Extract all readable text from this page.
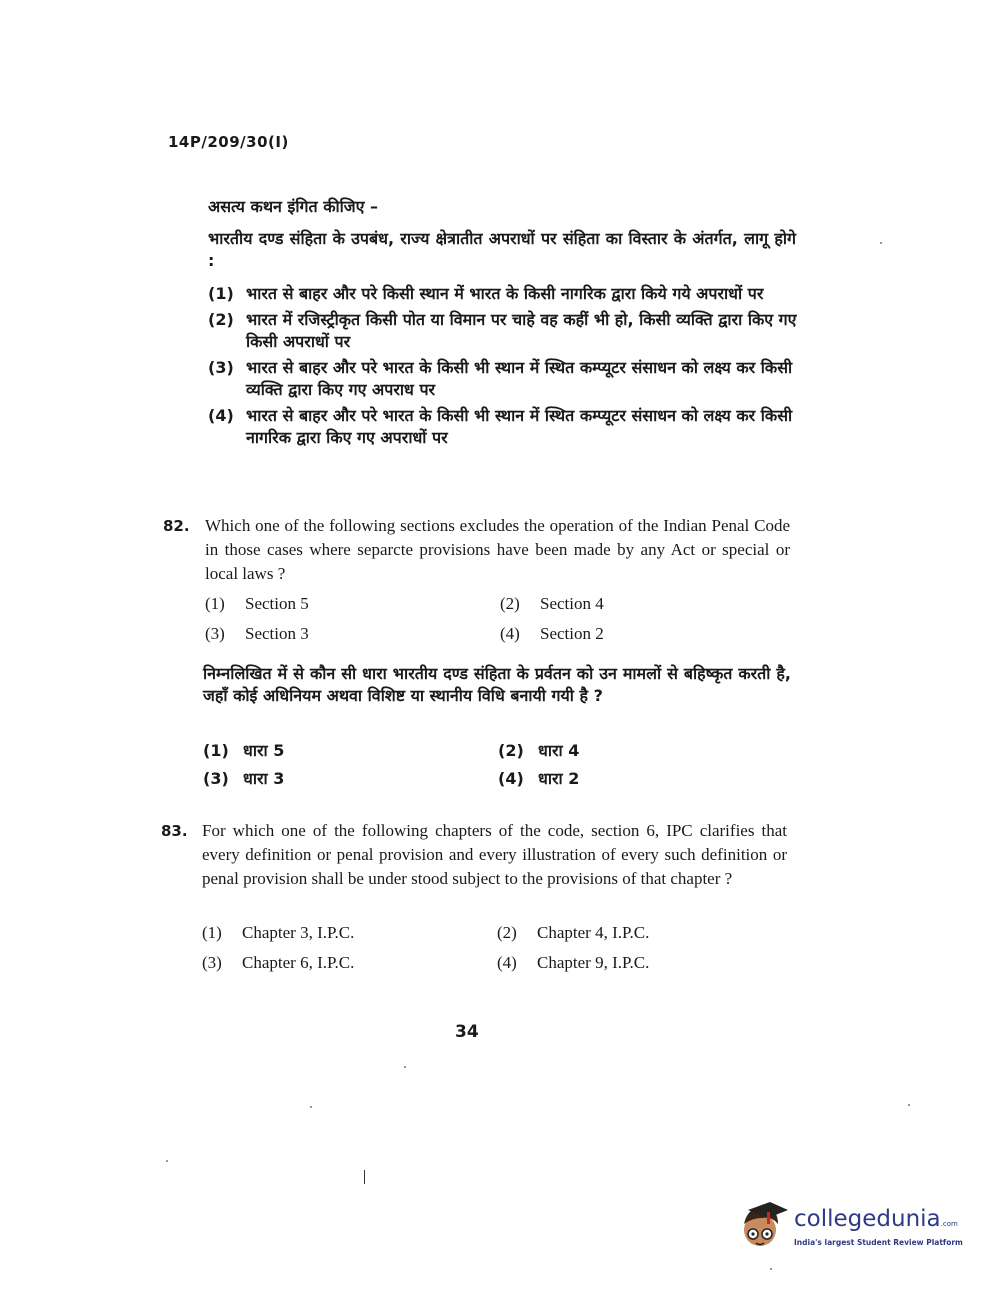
14P/209/30(I)
असत्य कथन इंगित कीजिए –
भारतीय दण्ड संहिता के उपबंध, राज्य क्षेत्रातीत अपराधों पर संहिता का विस्तार के अंतर्गत, लागू होगे :
(1) भारत से बाहर और परे किसी स्थान में भारत के किसी नागरिक द्वारा किये गये अपराधों पर
(2) भारत में रजिस्ट्रीकृत किसी पोत या विमान पर चाहे वह कहीं भी हो, किसी व्यक्ति द्वारा किए गए किसी अपराधों पर
(3) भारत से बाहर और परे भारत के किसी भी स्थान में स्थित कम्प्यूटर संसाधन को लक्ष्य कर किसी व्यक्ति द्वारा किए गए अपराध पर
(4) भारत से बाहर और परे भारत के किसी भी स्थान में स्थित कम्प्यूटर संसाधन को लक्ष्य कर किसी नागरिक द्वारा किए गए अपराधों पर
82. Which one of the following sections excludes the operation of the Indian Penal Code in those cases where separcte provisions have been made by any Act or special or local laws ?
(1)	Section 5	(2)	Section 4
(3)	Section 3	(4)	Section 2
निम्नलिखित में से कौन सी धारा भारतीय दण्ड संहिता के प्रर्वतन को उन मामलों से बहिष्कृत करती है, जहाँ कोई अधिनियम अथवा विशिष्ट या स्थानीय विधि बनायी गयी है ?
(1) धारा 5	(2) धारा 4
(3) धारा 3	(4) धारा 2
83. For which one of the following chapters of the code, section 6, IPC clarifies that every definition or penal provision and every illustration of every such definition or penal provision shall be under stood subject to the provisions of that chapter ?
(1)	Chapter 3, I.P.C.	(2)	Chapter 4, I.P.C.
(3)	Chapter 6, I.P.C.	(4)	Chapter 9, I.P.C.
34
collegedunia.com
India's largest Student Review Platform
